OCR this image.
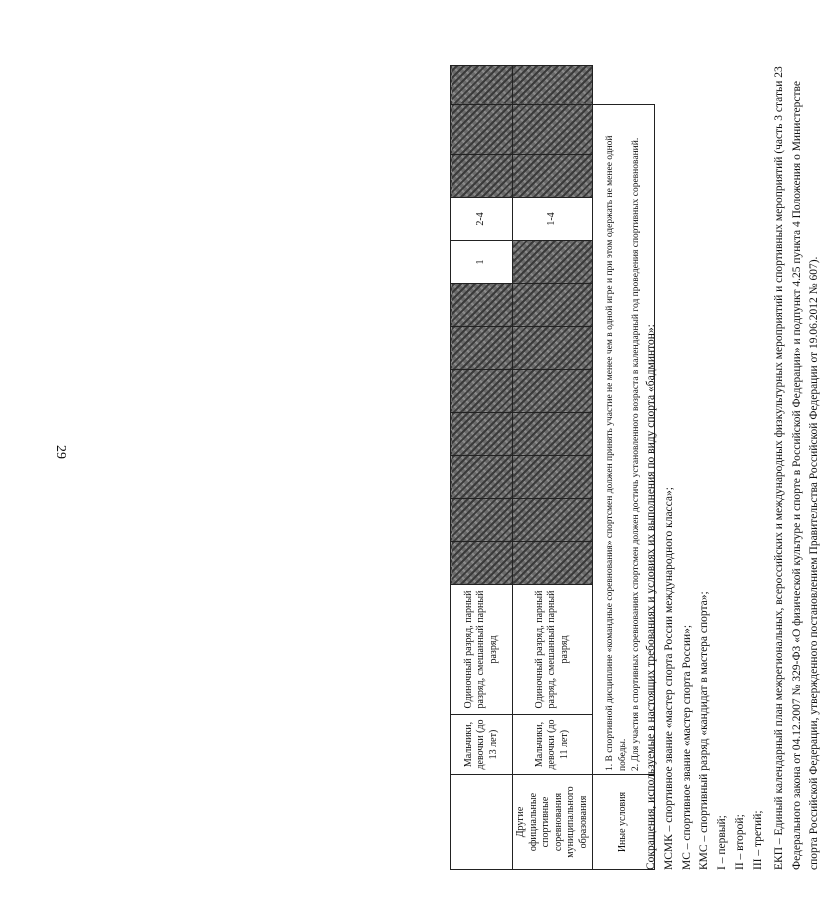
29
	Мальчики, девочки (до 13 лет)	Одиночный разряд, парный разряд, смешанный парный разряд								1	2-4			
Другие официальные спортивные соревнования муниципального образования	Мальчики, девочки (до 11 лет)	Одиночный разряд, парный разряд, смешанный парный разряд									1-4			
Иные условия	1. В спортивной дисциплине «командные соревнования» спортсмен должен принять участие не менее чем в одной игре и при этом одержать не менее одной победы. 2. Для участия в спортивных соревнованиях спортсмен должен достичь установленного возраста в календарный год проведения спортивных соревнований.													Сокращения, используемые в настоящих требованиях и условиях их выполнения по виду спорта «бадминтон»: МСМК – спортивное звание «мастер спорта России международного класса»; МС – спортивное звание «мастер спорта России»; КМС – спортивный разряд «кандидат в мастера спорта»; I – первый; II – второй; III – третий; ЕКП – Единый календарный план межрегиональных, всероссийских и международных физкультурных мероприятий и спортивных мероприятий (часть 3 статьи 23 Федерального закона от 04.12.2007 № 329-ФЗ «О физической культуре и спорте в Российской Федерации» и подпункт 4.25 пункта 4 Положения о Министерстве спорта Российской Федерации, утвержденного постановлением Правительства Российской Федерации от 19.06.2012 № 607).
